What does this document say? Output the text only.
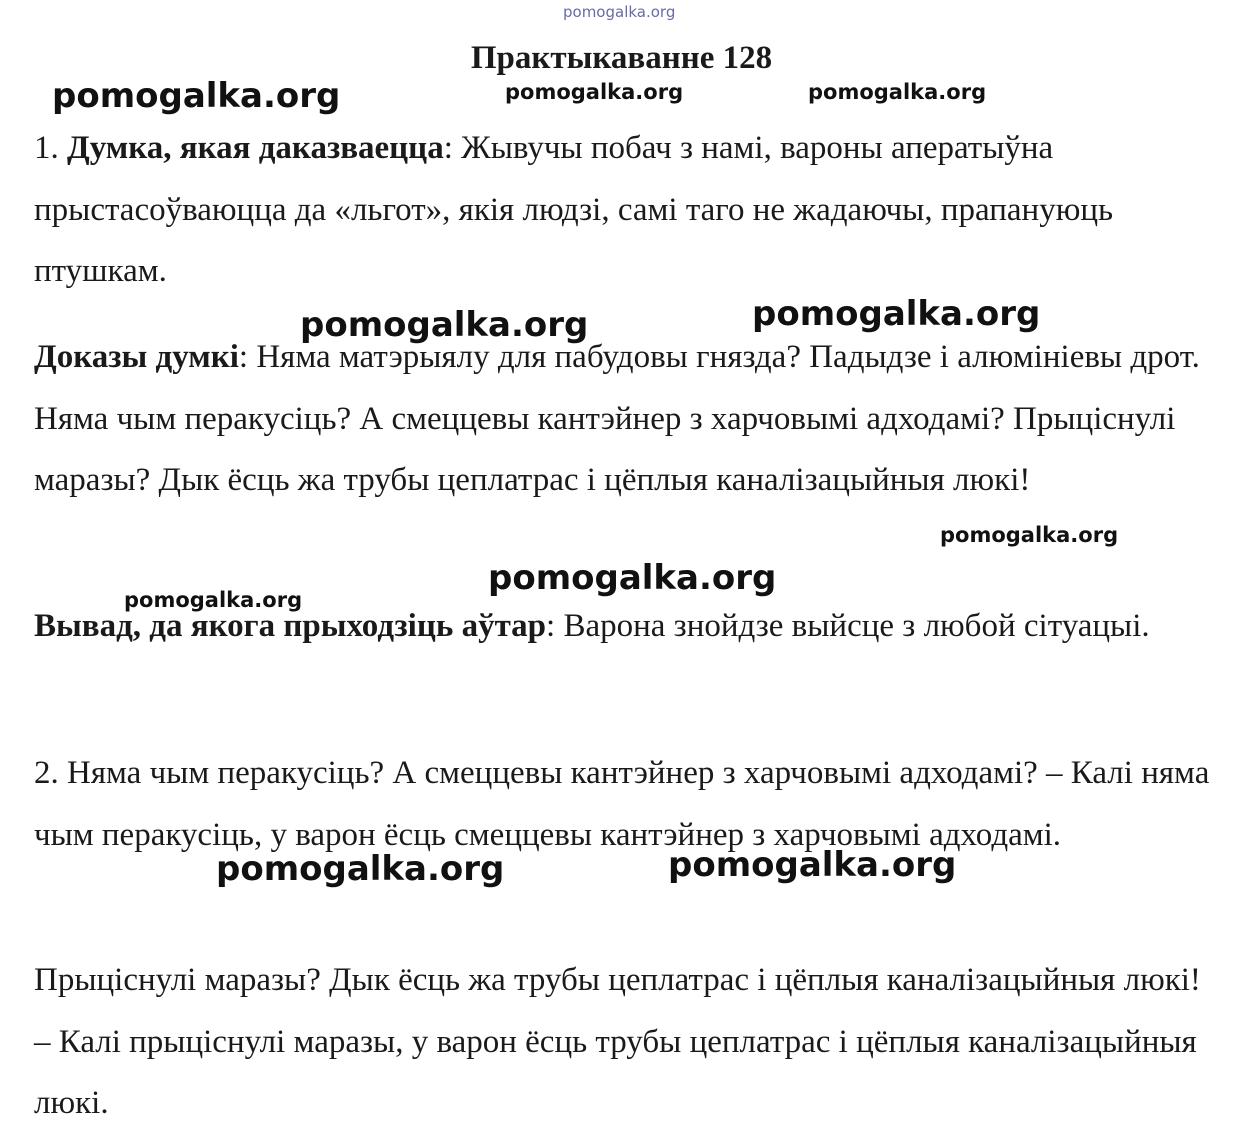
pomogalka.org
pomogalka.org	pomogalka.org	pomogalka.org
pomogalka.org	pomogalka.org
pomogalka.org
pomogalka.org
pomogalka.org
pomogalka.org	pomogalka.org
Практыкаванне 128

1. Думка, якая даказваецца: Жывучы побач з намі, вароны аператыўна прыстасоўваюцца да «льгот», якія людзі, самі таго не жадаючы, прапануюць птушкам.

Доказы думкі: Няма матэрыялу для пабудовы гнязда? Падыдзе і алюмініевы дрот. Няма чым перакусіць? А смеццевы кантэйнер з харчовымі адходамі? Прыцiснулі маразы? Дык ёсць жа трубы цеплатрас і цёплыя каналізацыйныя люкі!

Вывад, да якога прыходзіць аўтар: Варона знойдзе выйсце з любой сітуацыі.

2. Няма чым перакусіць? А смеццевы кантэйнер з харчовымі адходамі? – Калі няма чым перакусіць, у варон ёсць смеццевы кантэйнер з харчовымі адходамі.

Прыцiснулі маразы? Дык ёсць жа трубы цеплатрас і цёплыя каналізацыйныя люкі! – Калі прыцiснулі маразы, у варон ёсць трубы цеплатрас і цёплыя каналізацыйныя люкі.
